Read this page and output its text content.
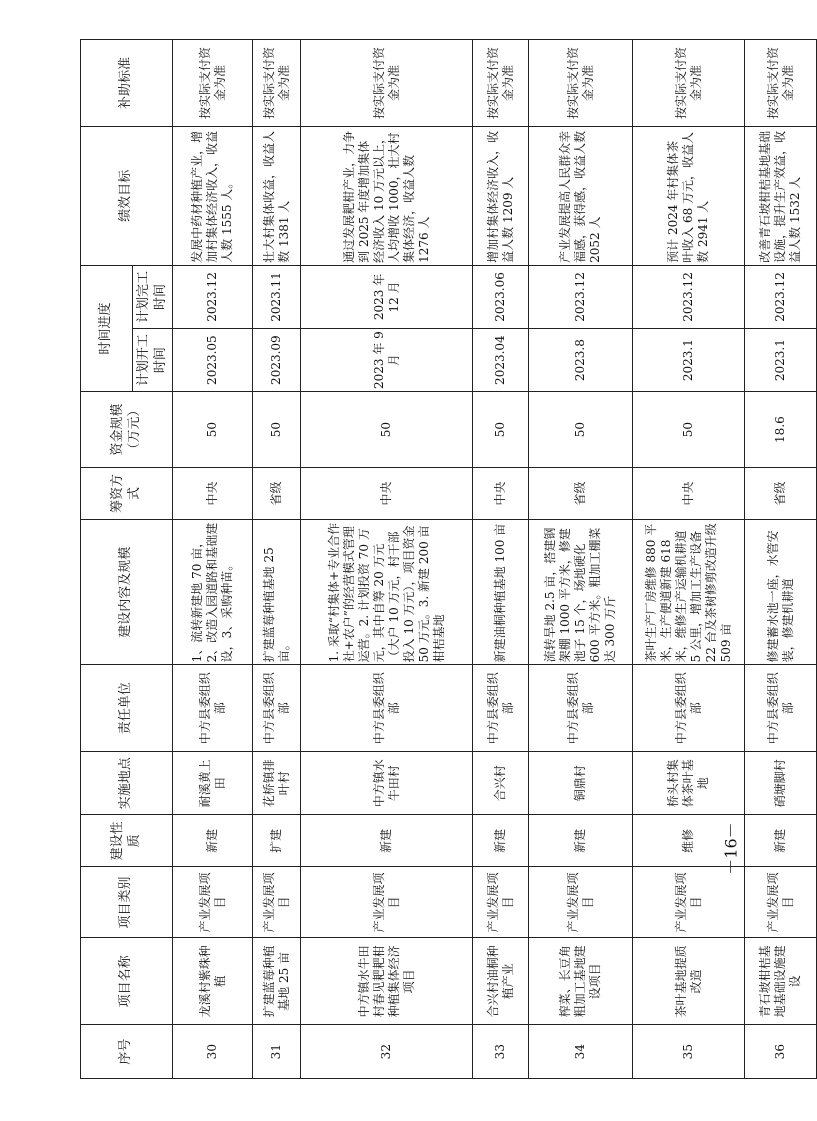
序号	项目名称	项目类别	建设性质	实施地点	责任单位	建设内容及规模	筹资方式	资金规模（万元）	时间进度		绩效目标	补助标准
									计划开工时间	计划完工时间		
30	龙溪村紫珠种植	产业发展项目	新建	耐溪黄上田	中方县委组织部	1、流转新建地 70 亩，2、改造入园道路和基础建设，3、采购种苗。	中央	50	2023.05	2023.12	发展中药材种植产业，增加村集体经济收入，收益人数 1555 人。	按实际支付资金为准
31	扩建蓝莓种植基地 25 亩	产业发展项目	扩建	花桥镇排叶村	中方县委组织部	扩建蓝莓种植基地 25 亩。	省级	50	2023.09	2023.11	壮大村集体收益，收益人数 1381 人	按实际支付资金为准
32	中方镇水牛田村春见耙耙柑种植集体经济项目	产业发展项目	新建	中方镇水牛田村	中方县委组织部	1. 采取“村集体+专业合作社+农户”的经营模式管理运营。2. 计划投资 70 万元，其中自筹 20 万元（大户 10 万元，村干部投入 10 万元），项目资金 50 万元。3. 新建 200 亩柑桔基地	中央	50	2023 年 9 月	2023 年 12 月	通过发展耙柑产业，力争到 2025 年度增加集体经济收入 10 万元以上，人均增收 1000，壮大村集体经济，收益人数 1276 人	按实际支付资金为准
33	合兴村油桐种植产业	产业发展项目	新建	合兴村	中方县委组织部	新建油桐种植基地 100 亩	中央	50	2023.04	2023.06	增加村集体经济收入，收益人数 1209 人	按实际支付资金为准
34	榨菜、长豆角粗加工基地建设项目	产业发展项目	新建	铜鼎村	中方县委组织部	流转旱地 2.5 亩，搭建钢架棚 1000 平方米，修建池子 15 个，场地硬化 600 平方米。粗加工棚菜达 300 万斤	省级	50	2023.8	2023.12	产业发展提高人民群众幸福感，获得感，收益人数 2052 人	按实际支付资金为准
35	茶叶基地提质改造	产业发展项目	维修	桥头村集体茶叶基地	中方县委组织部	茶叶生产厂房维修 880 平米，生产便道新建 618 米，维修生产运输机耕道 5 公里，增加工生产设备 22 台及茶树修剪改造升级 509 亩	中央	50	2023.1	2023.12	预计 2024 年村集体茶叶收入 68 万元，收益人数 2941 人	按实际支付资金为准
36	青石坡柑桔基地基础设施建设	产业发展项目	新建	硝塘脚村	中方县委组织部	修建蓄水池一座，水管安装，修建机耕道	省级	18.6	2023.1	2023.12	改善青石坡柑桔基地基础设施，提升生产效益，收益人数 1532 人	按实际支付资金为准
－16－
